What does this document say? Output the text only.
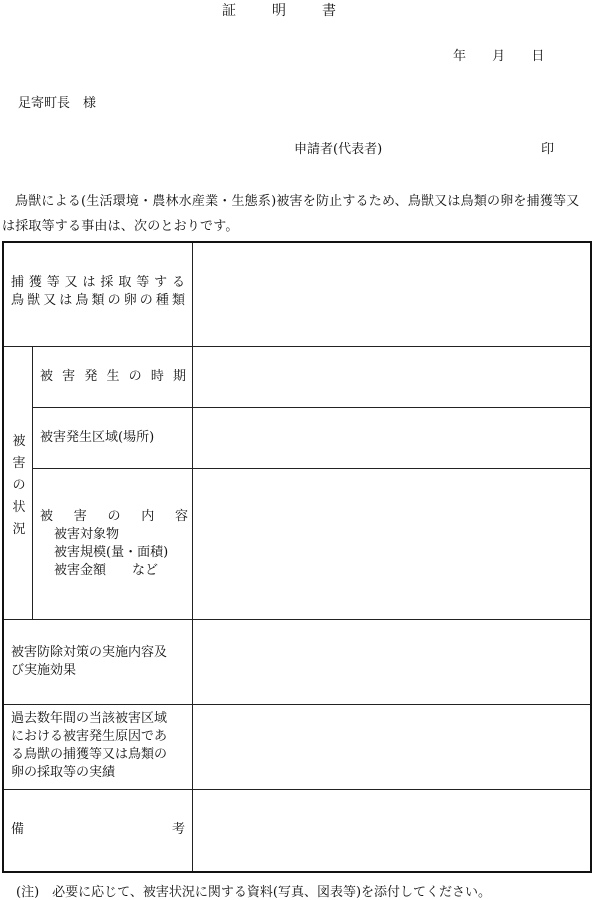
証明書
年 月 日
足寄町長　様
申請者(代表者)	印
鳥獣による(生活環境・農林水産業・生態系)被害を防止するため、鳥獣又は鳥類の卵を捕獲等又は採取等する事由は、次のとおりです。
捕獲等又は採取等する
鳥獣又は鳥類の卵の種類
被
害
の
状
況
被害発生の時期
被害発生区域(場所)
被害の内容
被害対象物
被害規模(量・面積)
被害金額　　など
被害防除対策の実施内容及
び実施効果
過去数年間の当該被害区域
における被害発生原因であ
る鳥獣の捕獲等又は鳥類の
卵の採取等の実績
備	考
(注)　必要に応じて、被害状況に関する資料(写真、図表等)を添付してください。
